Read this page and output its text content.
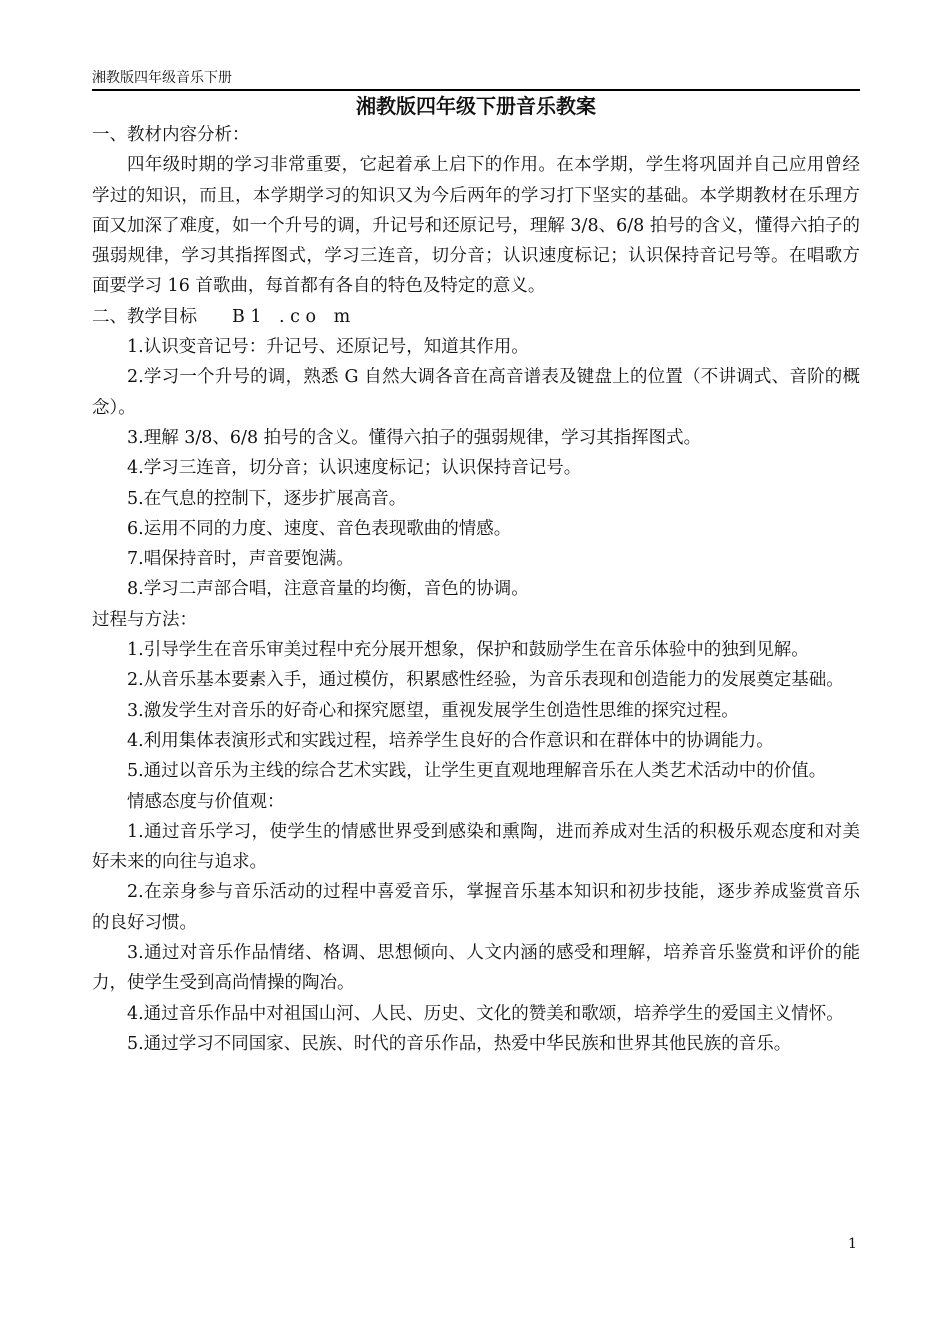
湘教版四年级音乐下册
湘教版四年级下册音乐教案

一、教材内容分析：

四年级时期的学习非常重要，它起着承上启下的作用。在本学期，学生将巩固并自己应用曾经学过的知识，而且，本学期学习的知识又为今后两年的学习打下坚实的基础。本学期教材在乐理方面又加深了难度，如一个升号的调，升记号和还原记号，理解 3/8、6/8 拍号的含义，懂得六拍子的强弱规律，学习其指挥图式，学习三连音，切分音；认识速度标记；认识保持音记号等。在唱歌方面要学习 16 首歌曲，每首都有各自的特色及特定的意义。

二、教学目标　　B 1　. c o　m

1.认识变音记号：升记号、还原记号，知道其作用。

2.学习一个升号的调，熟悉 G 自然大调各音在高音谱表及键盘上的位置（不讲调式、音阶的概念）。

3.理解 3/8、6/8 拍号的含义。懂得六拍子的强弱规律，学习其指挥图式。

4.学习三连音，切分音；认识速度标记；认识保持音记号。

5.在气息的控制下，逐步扩展高音。

6.运用不同的力度、速度、音色表现歌曲的情感。

7.唱保持音时，声音要饱满。

8.学习二声部合唱，注意音量的均衡，音色的协调。

过程与方法：

1.引导学生在音乐审美过程中充分展开想象，保护和鼓励学生在音乐体验中的独到见解。

2.从音乐基本要素入手，通过模仿，积累感性经验，为音乐表现和创造能力的发展奠定基础。

3.激发学生对音乐的好奇心和探究愿望，重视发展学生创造性思维的探究过程。

4.利用集体表演形式和实践过程，培养学生良好的合作意识和在群体中的协调能力。

5.通过以音乐为主线的综合艺术实践，让学生更直观地理解音乐在人类艺术活动中的价值。

情感态度与价值观：

1.通过音乐学习，使学生的情感世界受到感染和熏陶，进而养成对生活的积极乐观态度和对美好未来的向往与追求。

2.在亲身参与音乐活动的过程中喜爱音乐，掌握音乐基本知识和初步技能，逐步养成鉴赏音乐的良好习惯。

3.通过对音乐作品情绪、格调、思想倾向、人文内涵的感受和理解，培养音乐鉴赏和评价的能力，使学生受到高尚情操的陶冶。

4.通过音乐作品中对祖国山河、人民、历史、文化的赞美和歌颂，培养学生的爱国主义情怀。

5.通过学习不同国家、民族、时代的音乐作品，热爱中华民族和世界其他民族的音乐。

1
